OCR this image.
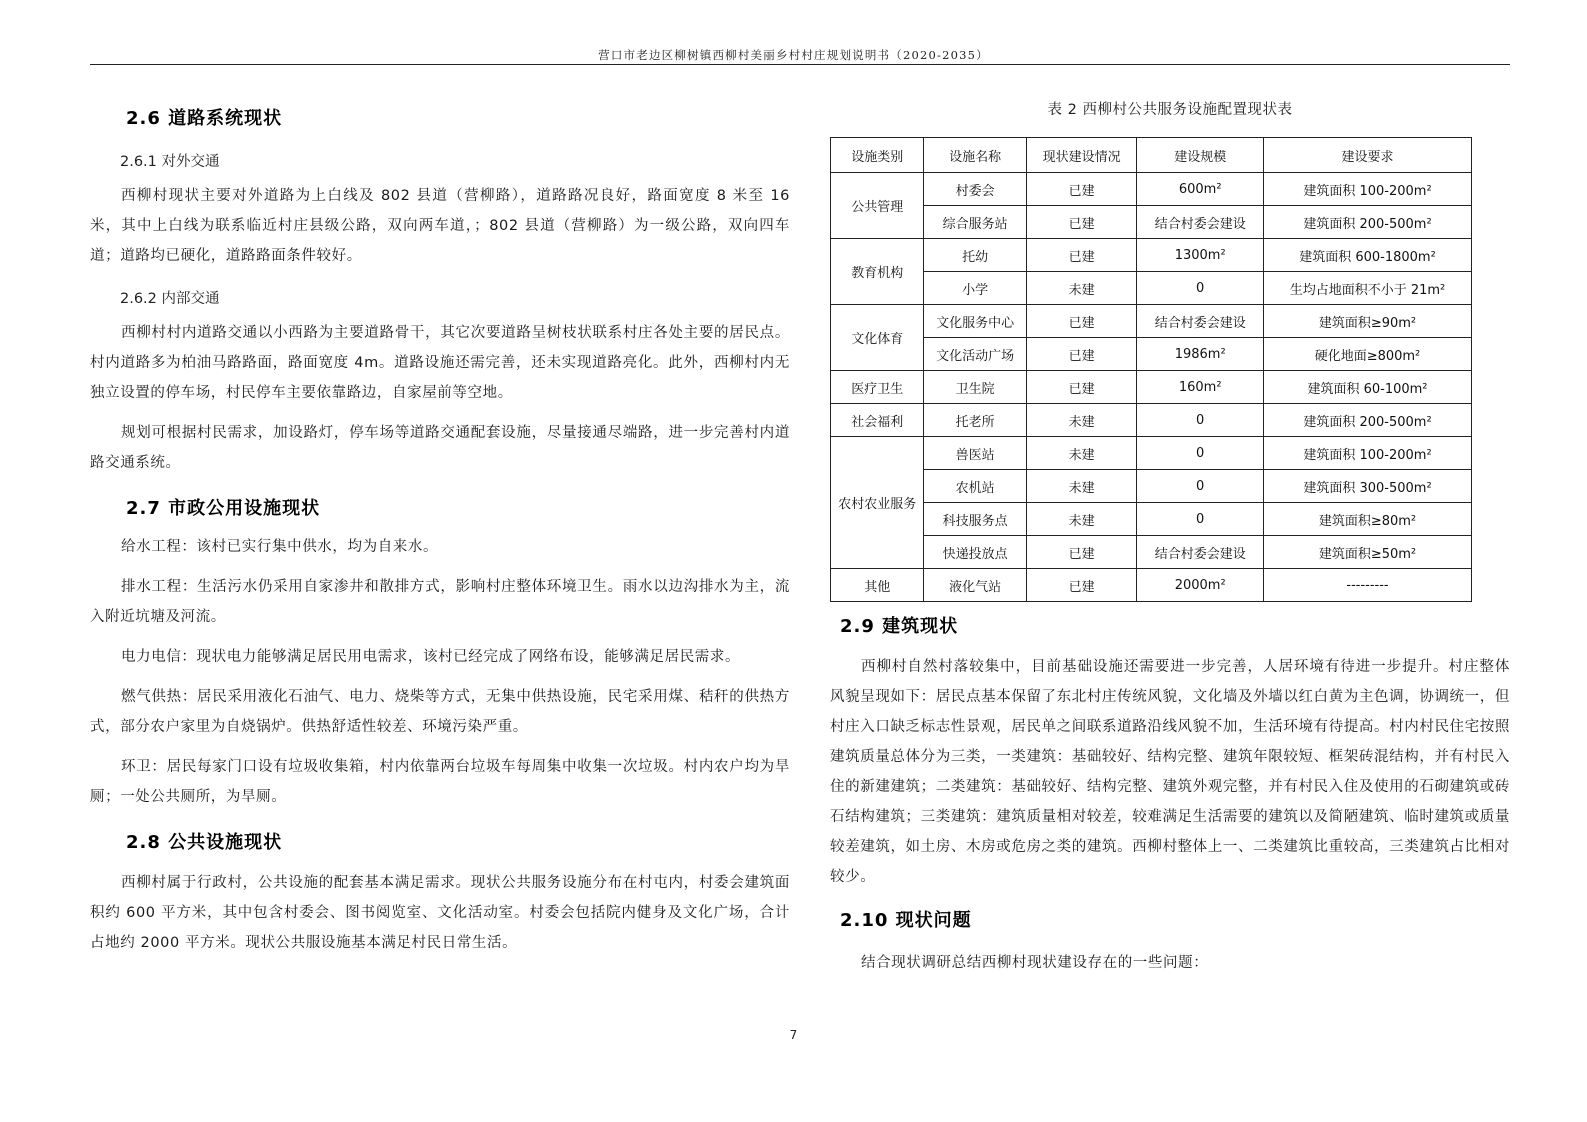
营口市老边区柳树镇西柳村美丽乡村村庄规划说明书（2020-2035）
2.6 道路系统现状
2.6.1 对外交通

西柳村现状主要对外道路为上白线及 802 县道（营柳路），道路路况良好，路面宽度 8 米至 16 米，其中上白线为联系临近村庄县级公路，双向两车道，；802 县道（营柳路）为一级公路，双向四车道；道路均已硬化，道路路面条件较好。

2.6.2 内部交通

西柳村村内道路交通以小西路为主要道路骨干，其它次要道路呈树枝状联系村庄各处主要的居民点。村内道路多为柏油马路路面，路面宽度 4m。道路设施还需完善，还未实现道路亮化。此外，西柳村内无独立设置的停车场，村民停车主要依靠路边，自家屋前等空地。

规划可根据村民需求，加设路灯，停车场等道路交通配套设施，尽量接通尽端路，进一步完善村内道路交通系统。

2.7 市政公用设施现状

给水工程：该村已实行集中供水，均为自来水。

排水工程：生活污水仍采用自家渗井和散排方式，影响村庄整体环境卫生。雨水以边沟排水为主，流入附近坑塘及河流。

电力电信：现状电力能够满足居民用电需求，该村已经完成了网络布设，能够满足居民需求。

燃气供热：居民采用液化石油气、电力、烧柴等方式，无集中供热设施，民宅采用煤、秸秆的供热方式，部分农户家里为自烧锅炉。供热舒适性较差、环境污染严重。

环卫：居民每家门口设有垃圾收集箱，村内依靠两台垃圾车每周集中收集一次垃圾。村内农户均为旱厕；一处公共厕所，为旱厕。

2.8 公共设施现状

西柳村属于行政村，公共设施的配套基本满足需求。现状公共服务设施分布在村屯内，村委会建筑面积约 600 平方米，其中包含村委会、图书阅览室、文化活动室。村委会包括院内健身及文化广场，合计占地约 2000 平方米。现状公共服设施基本满足村民日常生活。

表 2 西柳村公共服务设施配置现状表

设施类别	设施名称	现状建设情况	建设规模	建设要求
公共管理	村委会	已建	600m²	建筑面积 100-200m²
	综合服务站	已建	结合村委会建设	建筑面积 200-500m²
教育机构	托幼	已建	1300m²	建筑面积 600-1800m²
	小学	未建	0	生均占地面积不小于 21m²
文化体育	文化服务中心	已建	结合村委会建设	建筑面积≥90m²
	文化活动广场	已建	1986m²	硬化地面≥800m²
医疗卫生	卫生院	已建	160m²	建筑面积 60-100m²
社会福利	托老所	未建	0	建筑面积 200-500m²
农村农业服务	兽医站	未建	0	建筑面积 100-200m²
	农机站	未建	0	建筑面积 300-500m²
	科技服务点	未建	0	建筑面积≥80m²
	快递投放点	已建	结合村委会建设	建筑面积≥50m²
其他	液化气站	已建	2000m²	---------
2.9 建筑现状

西柳村自然村落较集中，目前基础设施还需要进一步完善，人居环境有待进一步提升。村庄整体风貌呈现如下：居民点基本保留了东北村庄传统风貌，文化墙及外墙以红白黄为主色调，协调统一，但村庄入口缺乏标志性景观，居民单之间联系道路沿线风貌不加，生活环境有待提高。村内村民住宅按照建筑质量总体分为三类，一类建筑：基础较好、结构完整、建筑年限较短、框架砖混结构，并有村民入住的新建建筑；二类建筑：基础较好、结构完整、建筑外观完整，并有村民入住及使用的石砌建筑或砖石结构建筑；三类建筑：建筑质量相对较差，较难满足生活需要的建筑以及简陋建筑、临时建筑或质量较差建筑，如土房、木房或危房之类的建筑。西柳村整体上一、二类建筑比重较高，三类建筑占比相对较少。

2.10 现状问题

结合现状调研总结西柳村现状建设存在的一些问题：

7
